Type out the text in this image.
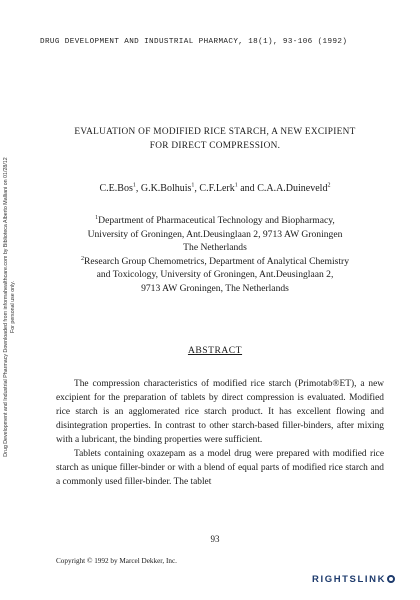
DRUG DEVELOPMENT AND INDUSTRIAL PHARMACY, 18(1), 93-106 (1992)
Drug Development and Industrial Pharmacy Downloaded from informahealthcare.com by Biblioteca Alberto Malliani on 01/28/12 For personal use only.
EVALUATION OF MODIFIED RICE STARCH, A NEW EXCIPIENT
FOR DIRECT COMPRESSION.
C.E.Bos$^1$, G.K.Bolhuis$^1$, C.F.Lerk$^1$ and C.A.A.Duineveld$^2$
$^1$Department of Pharmaceutical Technology and Biopharmacy,
University of Groningen, Ant.Deusinglaan 2, 9713 AW Groningen
The Netherlands
$^2$Research Group Chemometrics, Department of Analytical Chemistry
and Toxicology, University of Groningen, Ant.Deusinglaan 2,
9713 AW Groningen, The Netherlands
ABSTRACT

The compression characteristics of modified rice starch (Primotab®ET), a new excipient for the preparation of tablets by direct compression is evaluated. Modified rice starch is an agglomerated rice starch product. It has excellent flowing and disintegration properties. In contrast to other starch-based filler-binders, after mixing with a lubricant, the binding properties were sufficient.

Tablets containing oxazepam as a model drug were prepared with modified rice starch as unique filler-binder or with a blend of equal parts of modified rice starch and a commonly used filler-binder. The tablet

93
Copyright © 1992 by Marcel Dekker, Inc.
RIGHTSLINK
